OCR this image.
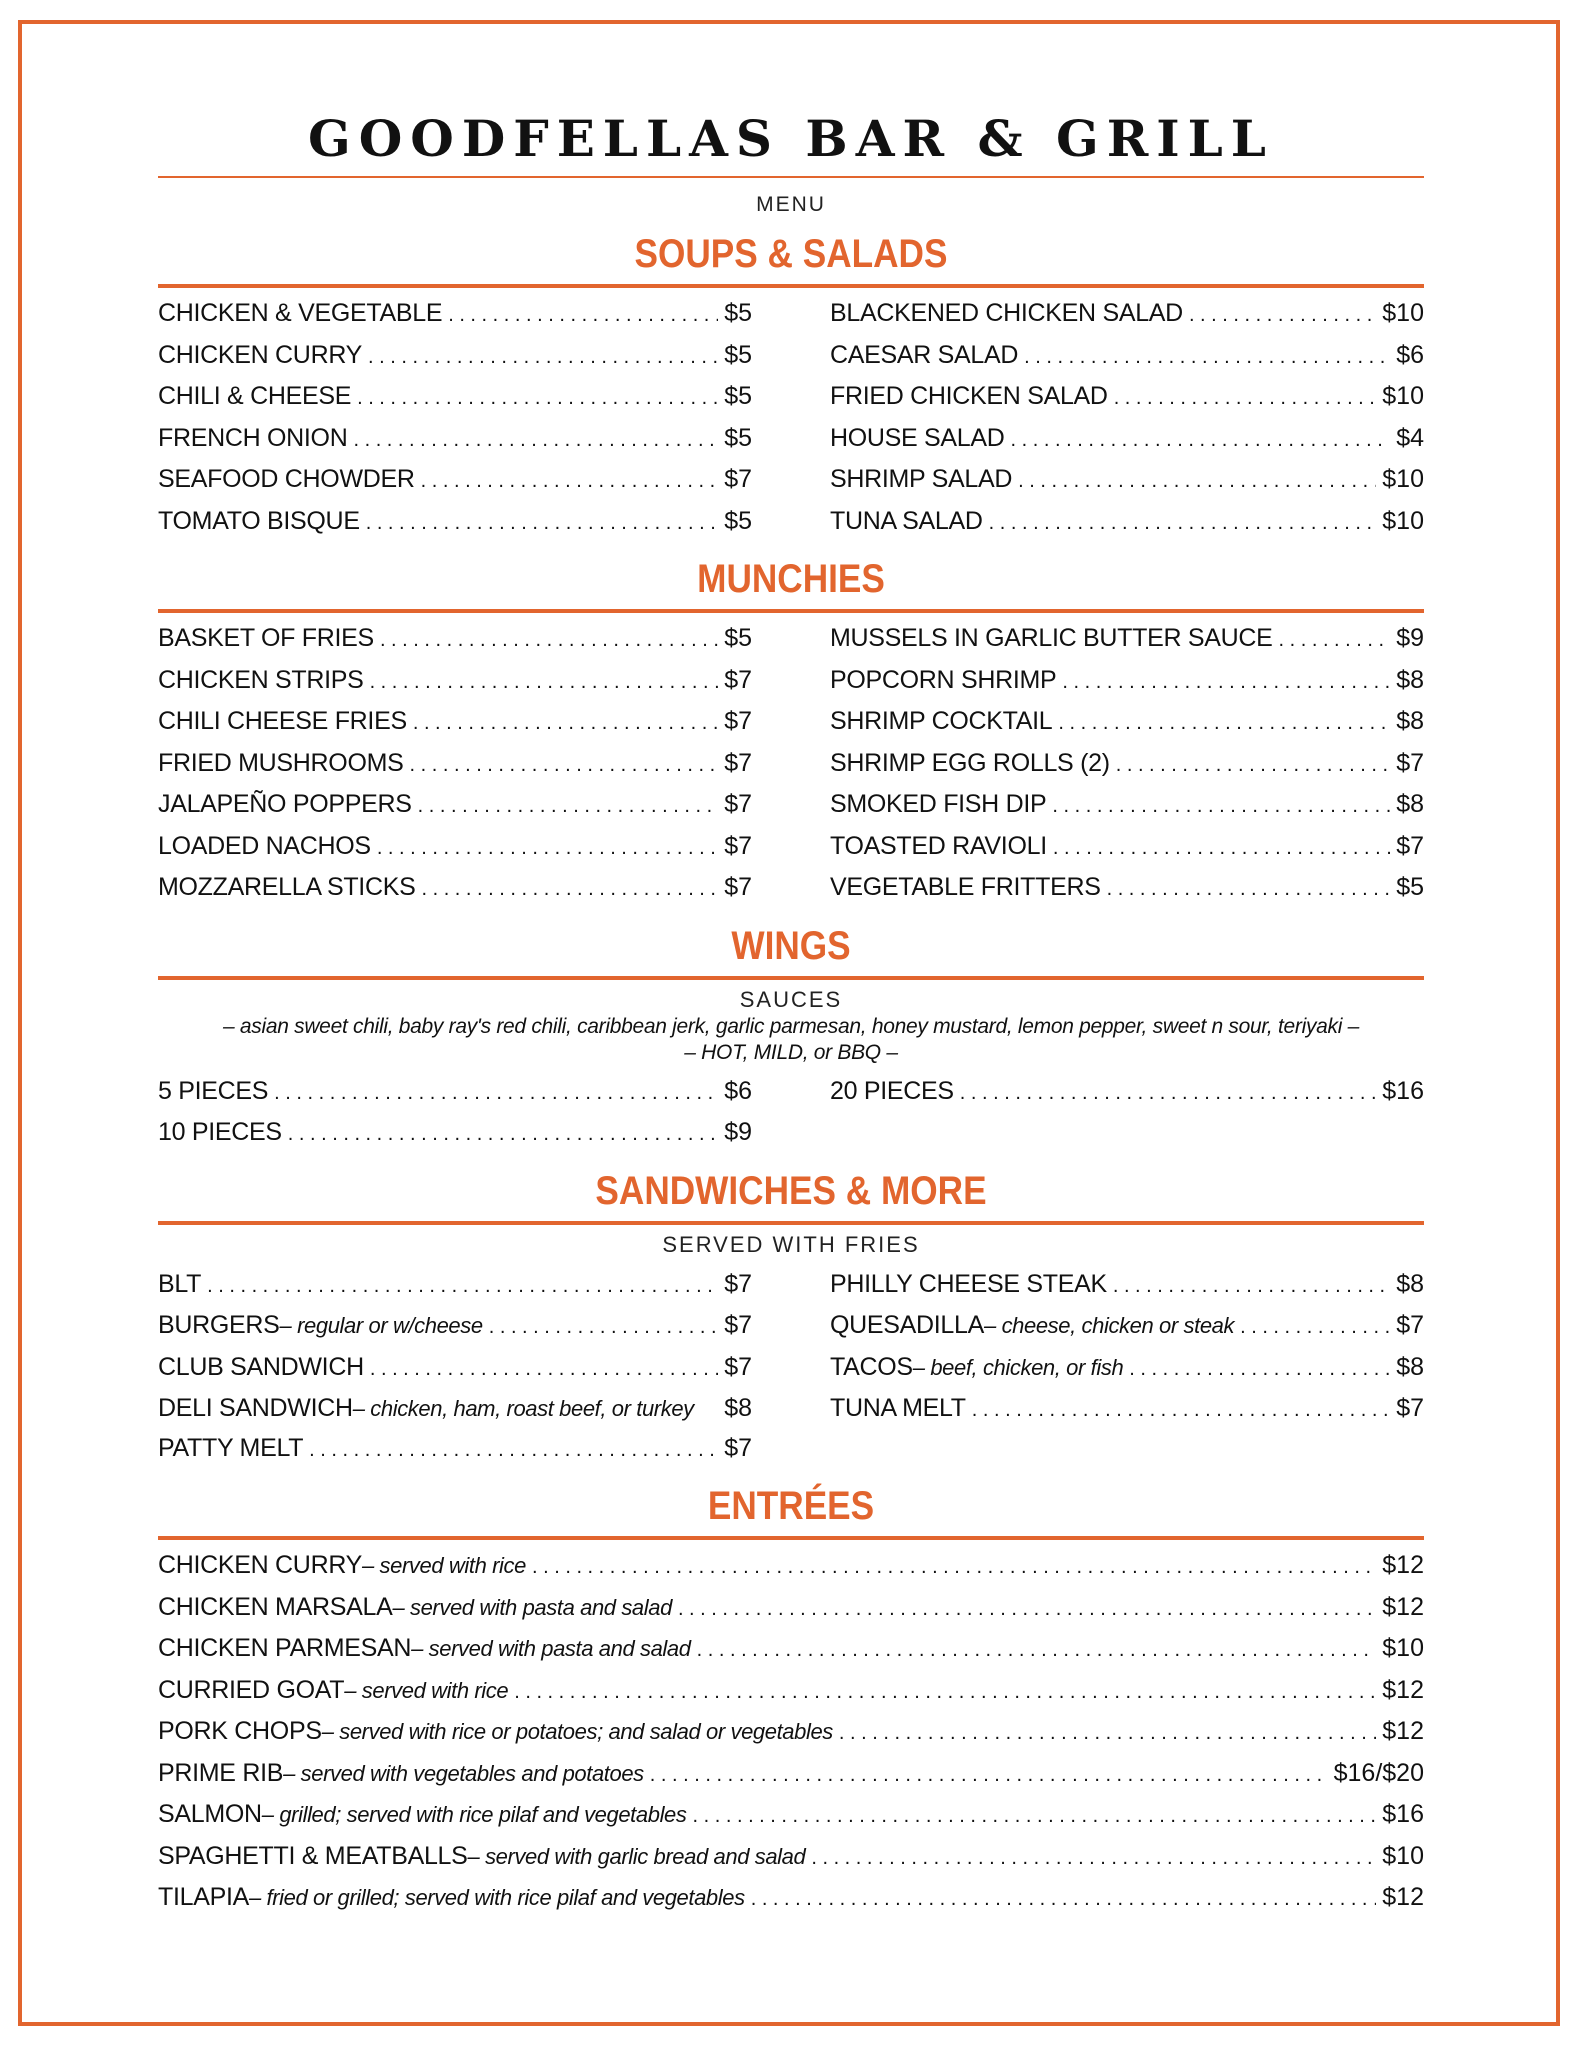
GOODFELLAS BAR & GRILL
MENU
SOUPS & SALADS
CHICKEN & VEGETABLE . . .	$5
CHICKEN CURRY . . .	$5
CHILI & CHEESE . . .	$5
FRENCH ONION . . .	$5
SEAFOOD CHOWDER . . .	$7
TOMATO BISQUE . . .	$5
BLACKENED CHICKEN SALAD . . .	$10
CAESAR SALAD . . .	$6
FRIED CHICKEN SALAD . . .	$10
HOUSE SALAD . . .	$4
SHRIMP SALAD . . .	$10
TUNA SALAD . . .	$10
MUNCHIES
BASKET OF FRIES . . .	$5
CHICKEN STRIPS . . .	$7
CHILI CHEESE FRIES . . .	$7
FRIED MUSHROOMS . . .	$7
JALAPEÑO POPPERS . . .	$7
LOADED NACHOS . . .	$7
MOZZARELLA STICKS . . .	$7
MUSSELS IN GARLIC BUTTER SAUCE . . .	$9
POPCORN SHRIMP . . .	$8
SHRIMP COCKTAIL . . .	$8
SHRIMP EGG ROLLS (2) . . .	$7
SMOKED FISH DIP . . .	$8
TOASTED RAVIOLI . . .	$7
VEGETABLE FRITTERS . . .	$5
WINGS
SAUCES
– asian sweet chili, baby ray's red chili, caribbean jerk, garlic parmesan, honey mustard, lemon pepper, sweet n sour, teriyaki –
– HOT, MILD, or BBQ –
5 PIECES . . .	$6
10 PIECES . . .	$9
20 PIECES . . .	$16
SANDWICHES & MORE
SERVED WITH FRIES
BLT . . .	$7
BURGERS – regular or w/cheese . . .	$7
CLUB SANDWICH . . .	$7
DELI SANDWICH – chicken, ham, roast beef, or turkey $8
PATTY MELT . . .	$7
PHILLY CHEESE STEAK . . .	$8
QUESADILLA – cheese, chicken or steak . . .	$7
TACOS – beef, chicken, or fish . . .	$8
TUNA MELT . . .	$7
ENTRÉES
CHICKEN CURRY – served with rice . . .	$12
CHICKEN MARSALA – served with pasta and salad . . .	$12
CHICKEN PARMESAN – served with pasta and salad . . .	$10
CURRIED GOAT – served with rice . . .	$12
PORK CHOPS – served with rice or potatoes; and salad or vegetables . . .	$12
PRIME RIB – served with vegetables and potatoes . . .	$16/$20
SALMON – grilled; served with rice pilaf and vegetables . . .	$16
SPAGHETTI & MEATBALLS – served with garlic bread and salad . . .	$10
TILAPIA – fried or grilled; served with rice pilaf and vegetables . . .	$12
